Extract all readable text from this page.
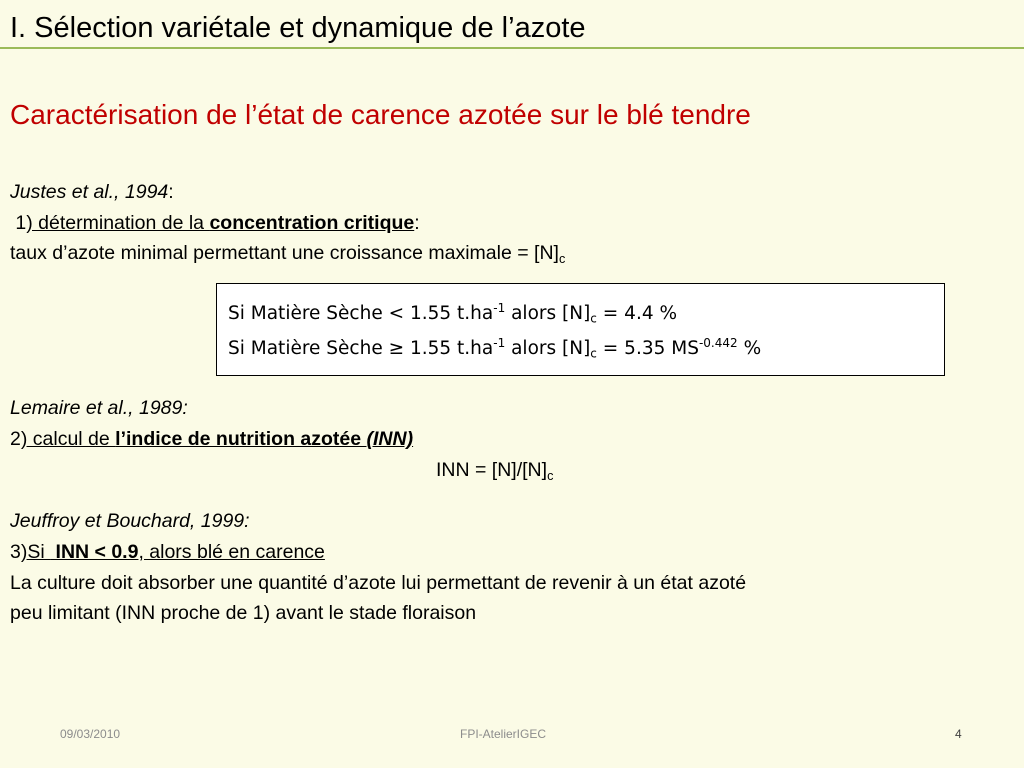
I. Sélection variétale et dynamique de l’azote
Caractérisation de l’état de carence azotée sur le blé tendre
Justes et al., 1994:
1) détermination de la concentration critique:
taux d’azote minimal permettant une croissance maximale = $[N]_c$
Si Matière Sèche < 1.55 $t.ha^{-1}$ alors $[N]_c = 4.4$ %
Si Matière Sèche ≥ 1.55 $t.ha^{-1}$ alors $[N]_c = 5.35$ $MS^{-0.442}$ %
Lemaire et al., 1989:
2) calcul de l’indice de nutrition azotée (INN)
INN = $[N]/[N]_c$
Jeuffroy et Bouchard, 1999:
3)Si  INN < 0.9, alors blé en carence
La culture doit absorber une quantité d’azote lui permettant de revenir à un état azoté
peu limitant (INN proche de 1) avant le stade floraison
09/03/2010	FPI-AtelierIGEC	4
